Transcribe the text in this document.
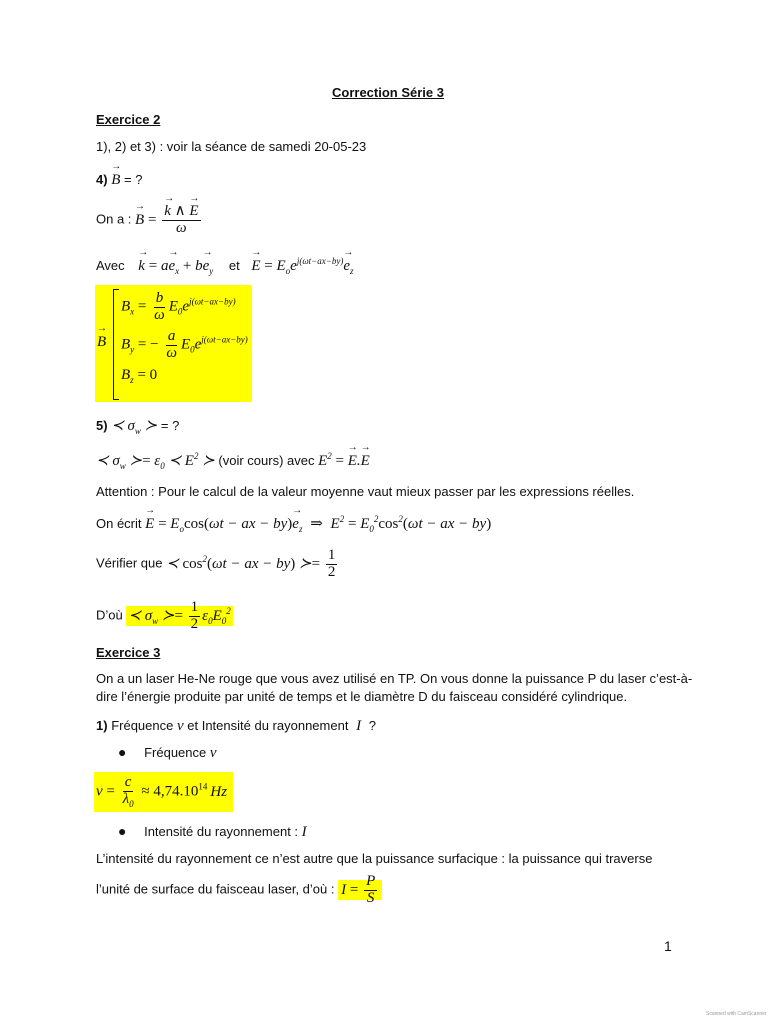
Correction Série 3
Exercice 2
1), 2) et 3) : voir la séance de samedi 20-05-23
4) → B = ?
On a : → B = → $\frac{k \wedge \to E}{\omega}$
Avec → $k = a\to e_x + b\to e_y$ et → $E = E_oe^{j(\omega t-ax-by)}\to e_z$
→ B
$B_x = \frac{b}{\omega} E_0e^{j(\omega t-ax-by)}$
$B_y$ = − $\frac{a}{\omega} E_0e^{j(\omega t-ax-by)}$
$B_z = 0$
5) ≺ $\sigma_w$ ≻ = ?
≺ $\sigma_w$ ≻= $\varepsilon_0$ ≺ $E^2$ ≻ (voir cours) avec $E^2$ = → E.→ E
Attention : Pour le calcul de la valeur moyenne vaut mieux passer par les expressions réelles.
On écrit → $E = E_o\cos(\omega t$ − ax − $by)\to e_z$ ⇒ $E^2 = E_0^2\cos^2(\omega t$ − ax − by)
Vérifier que ≺ $\cos^2(\omega t$ − ax − by) ≻= $\frac{1}{2}$
D’où ≺ $\sigma_w$ ≻= $\frac{1}{2} \varepsilon_0E_0^2$
Exercice 3
On a un laser He-Ne rouge que vous avez utilisé en TP. On vous donne la puissance P du laser c’est-à-
dire l’énergie produite par unité de temps et le diamètre D du faisceau considéré cylindrique.
1) Fréquence ν et Intensité du rayonnement I ?
● Fréquence ν
$\nu = \frac{c}{\lambda_0} \approx 4,74.10^{14}$ Hz
● Intensité du rayonnement : I
L’intensité du rayonnement ce n’est autre que la puissance surfacique : la puissance qui traverse
l’unité de surface du faisceau laser, d’où : $I = \frac{P}{S}$
1
Scanned with CamScanner
